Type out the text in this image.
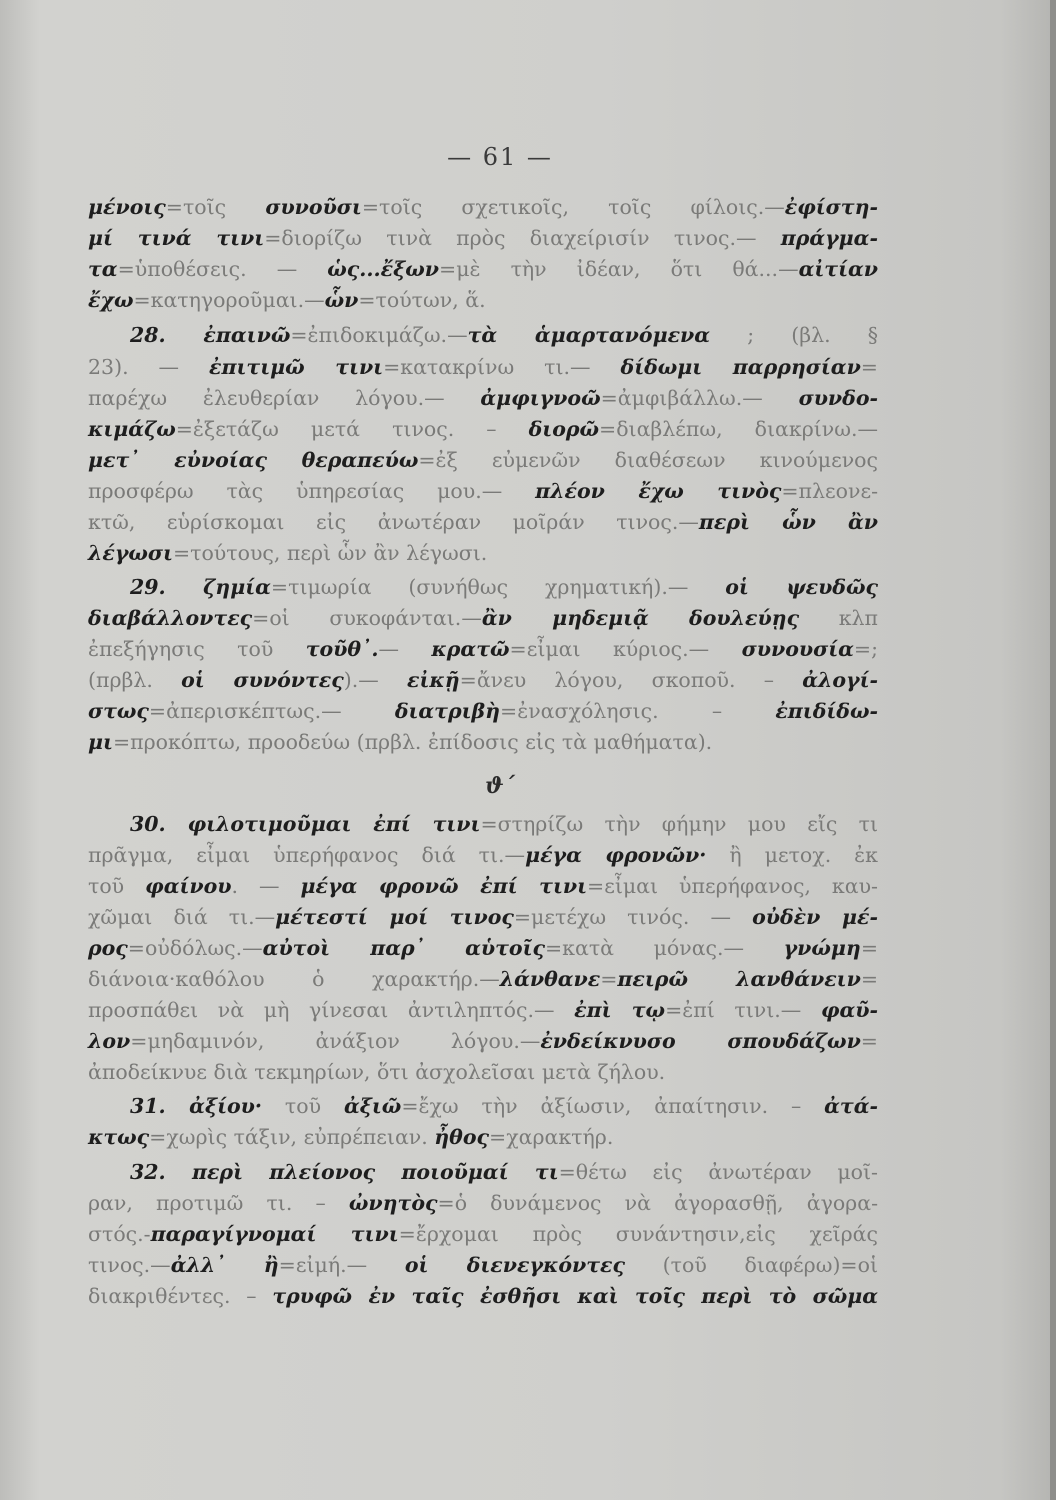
— 61 —
μένοις=τοῖς συνοῦσι=τοῖς σχετικοῖς, τοῖς φίλοις.—ἐφίστη-
μί τινά τινι=διορίζω τινὰ πρὸς διαχείρισίν τινος.— πράγμα-
τα=ὑποθέσεις. — ὡς...ἔξων=μὲ τὴν ἰδέαν, ὅτι θά...—αἰτίαν
ἔχω=κατηγοροῦμαι.—ὧν=τούτων, ἅ.
28. ἐπαινῶ=ἐπιδοκιμάζω.—τὰ ἁμαρτανόμενα ; (βλ. §
23). — ἐπιτιμῶ τινι=κατακρίνω τι.— δίδωμι παρρησίαν=
παρέχω ἐλευθερίαν λόγου.— ἀμφιγνοῶ=ἀμφιβάλλω.— συνδο-
κιμάζω=ἐξετάζω μετά τινος. – διορῶ=διαβλέπω, διακρίνω.—
μετ᾽ εὐνοίας θεραπεύω=ἐξ εὐμενῶν διαθέσεων κινούμενος
προσφέρω τὰς ὑπηρεσίας μου.— πλέον ἔχω τινὸς=πλεονε-
κτῶ, εὑρίσκομαι εἰς ἀνωτέραν μοῖράν τινος.—περὶ ὧν ἂν
λέγωσι=τούτους, περὶ ὧν ἂν λέγωσι.
29. ζημία=τιμωρία (συνήθως χρηματική).— οἱ ψευδῶς
διαβάλλοντες=οἱ συκοφάνται.—ἂν μηδεμιᾷ δουλεύῃς κλπ
ἐπεξήγησις τοῦ τοῦθ᾽.— κρατῶ=εἶμαι κύριος.— συνουσία=;
(πρβλ. οἱ συνόντες).— εἰκῇ=ἄνευ λόγου, σκοποῦ. – ἀλογί-
στως=ἀπερισκέπτως.— διατριβὴ=ἐνασχόλησις. – ἐπιδίδω-
μι=προκόπτω, προοδεύω (πρβλ. ἐπίδοσις εἰς τὰ μαθήματα).
30. φιλοτιμοῦμαι ἐπί τινι=στηρίζω τὴν φήμην μου εἴς τι
πρᾶγμα, εἶμαι ὑπερήφανος διά τι.—μέγα φρονῶν· ἢ μετοχ. ἐκ
τοῦ φαίνου. — μέγα φρονῶ ἐπί τινι=εἶμαι ὑπερήφανος, καυ-
χῶμαι διά τι.—μέτεστί μοί τινος=μετέχω τινός. — οὐδὲν μέ-
ρος=οὐδόλως.—αὐτοὶ παρ᾽ αὑτοῖς=κατὰ μόνας.— γνώμη=
διάνοια·καθόλου ὁ χαρακτήρ.—λάνθανε=πειρῶ λανθάνειν=
προσπάθει νὰ μὴ γίνεσαι ἀντιληπτός.— ἐπὶ τῳ=ἐπί τινι.— φαῦ-
λον=μηδαμινόν, ἀνάξιον λόγου.—ἐνδείκνυσο σπουδάζων=
ἀποδείκνυε διὰ τεκμηρίων, ὅτι ἀσχολεῖσαι μετὰ ζήλου.
31. ἀξίου· τοῦ ἀξιῶ=ἔχω τὴν ἀξίωσιν, ἀπαίτησιν. – ἀτά-
κτως=χωρὶς τάξιν, εὐπρέπειαν. ἦθος=χαρακτήρ.
32. περὶ πλείονος ποιοῦμαί τι=θέτω εἰς ἀνωτέραν μοῖ-
ραν, προτιμῶ τι. – ὠνητὸς=ὁ δυνάμενος νὰ ἀγορασθῇ, ἀγορα-
στός.-παραγίγνομαί τινι=ἔρχομαι πρὸς συνάντησιν,εἰς χεῖράς
τινος.—ἀλλ᾽ ἢ=εἰμή.— οἱ διενεγκόντες (τοῦ διαφέρω)=οἱ
διακριθέντες. – τρυφῶ ἐν ταῖς ἐσθῆσι καὶ τοῖς περὶ τὸ σῶμα
ϑ΄
